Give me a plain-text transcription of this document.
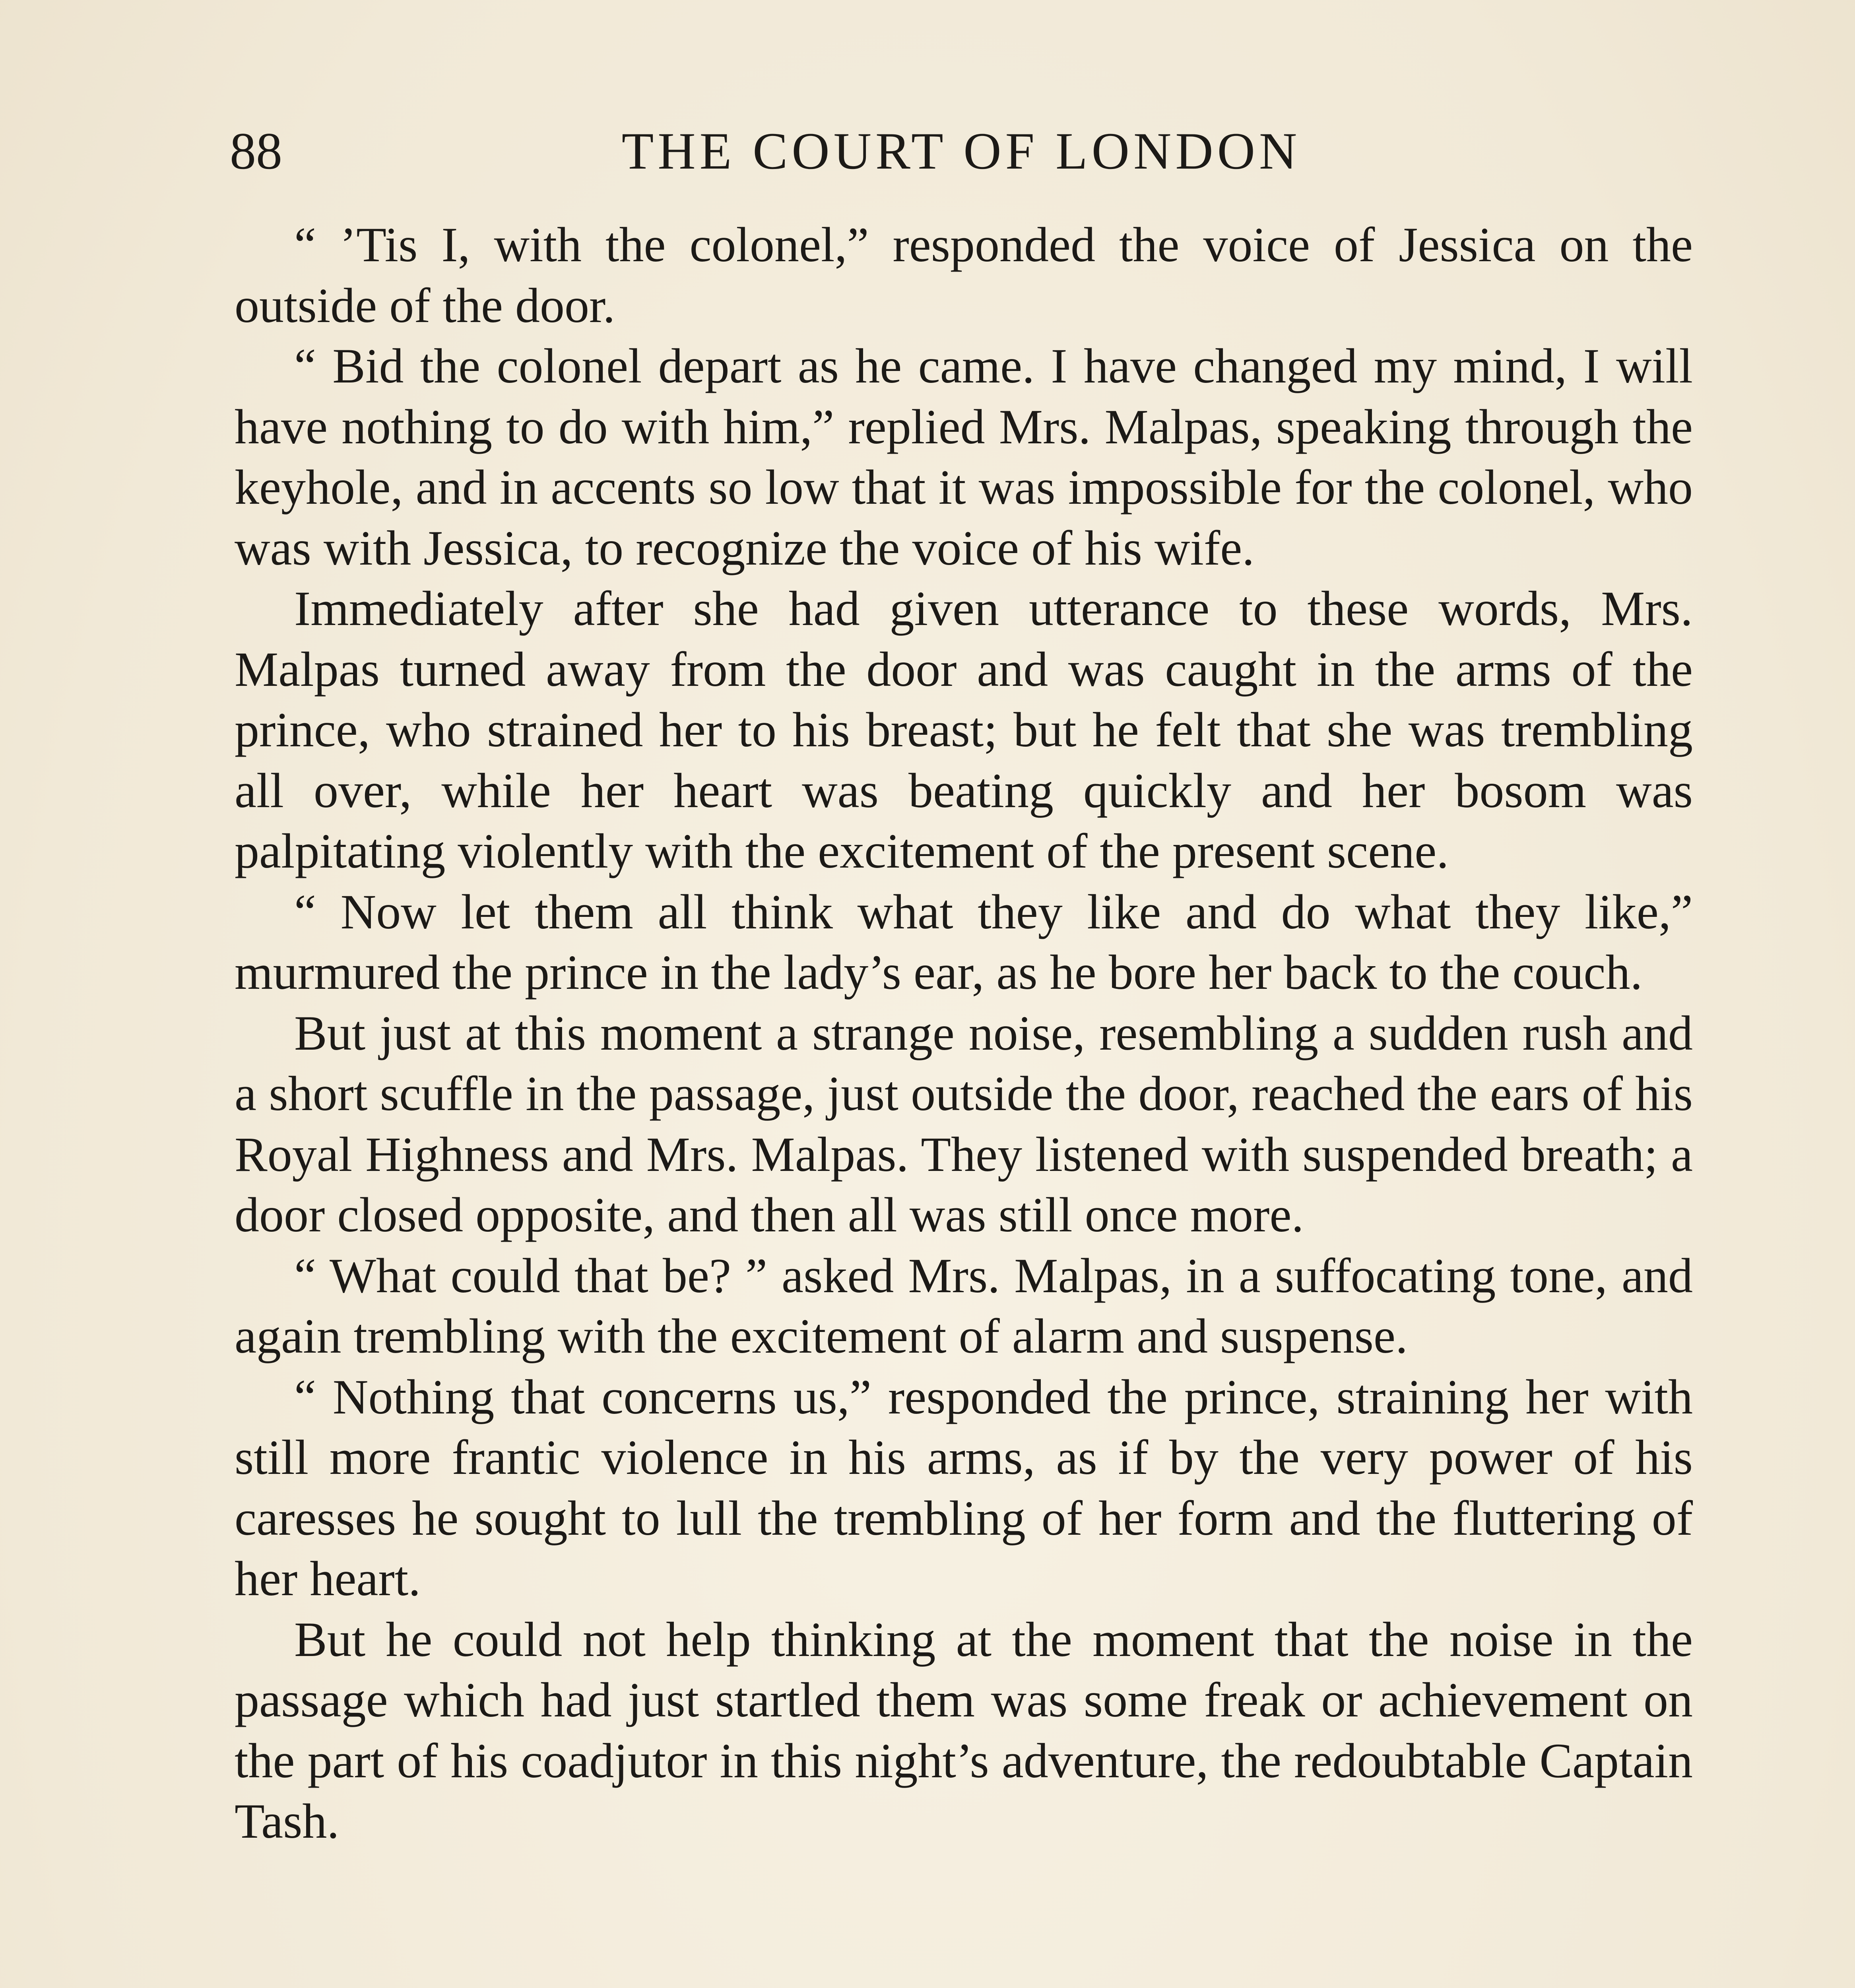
88	THE COURT OF LONDON

“ ’Tis I, with the colonel,” responded the voice of Jessica on the outside of the door.

“ Bid the colonel depart as he came. I have changed my mind, I will have nothing to do with him,” replied Mrs. Malpas, speaking through the keyhole, and in accents so low that it was impossible for the colonel, who was with Jessica, to recognize the voice of his wife.

Immediately after she had given utterance to these words, Mrs. Malpas turned away from the door and was caught in the arms of the prince, who strained her to his breast; but he felt that she was trembling all over, while her heart was beating quickly and her bosom was palpitating violently with the excitement of the present scene.

“ Now let them all think what they like and do what they like,” murmured the prince in the lady’s ear, as he bore her back to the couch.

But just at this moment a strange noise, resembling a sudden rush and a short scuffle in the passage, just outside the door, reached the ears of his Royal Highness and Mrs. Malpas. They listened with suspended breath; a door closed opposite, and then all was still once more.

“ What could that be? ” asked Mrs. Malpas, in a suffocating tone, and again trembling with the excitement of alarm and suspense.

“ Nothing that concerns us,” responded the prince, straining her with still more frantic violence in his arms, as if by the very power of his caresses he sought to lull the trembling of her form and the fluttering of her heart.

But he could not help thinking at the moment that the noise in the passage which had just startled them was some freak or achievement on the part of his coadjutor in this night’s adventure, the redoubtable Captain Tash.
